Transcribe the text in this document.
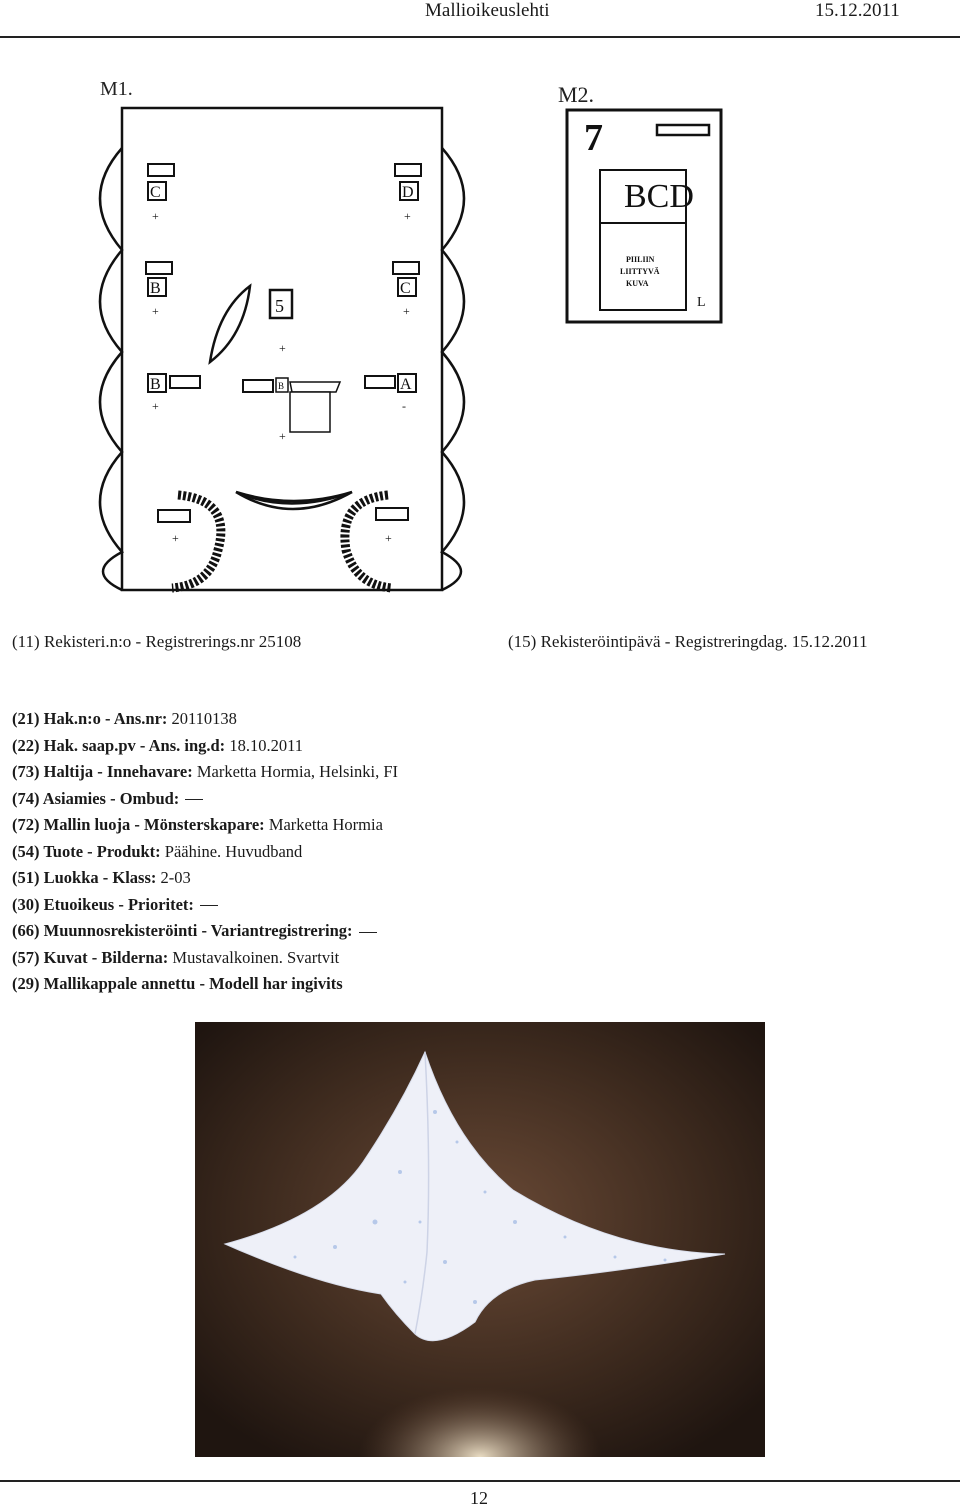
Mallioikeuslehti	15.12.2011
M1.
C
+
D
+
B
+
C
+
5
+
B
+
A
-
B
+
+	+
M2.
7
BCD
PIILIIN
LIITTYVÄ
KUVA
L
(11) Rekisteri.n:o - Registrerings.nr 25108	(15) Rekisteröintipävä - Registreringdag. 15.12.2011
(21) Hak.n:o - Ans.nr: 20110138
(22) Hak. saap.pv - Ans. ing.d: 18.10.2011
(73) Haltija - Innehavare: Marketta Hormia, Helsinki, FI
(74) Asiamies - Ombud:
(72) Mallin luoja - Mönsterskapare: Marketta Hormia
(54) Tuote - Produkt: Päähine. Huvudband
(51) Luokka - Klass: 2-03
(30) Etuoikeus - Prioritet:
(66) Muunnosrekisteröinti - Variantregistrering:
(57) Kuvat - Bilderna: Mustavalkoinen. Svartvit
(29) Mallikappale annettu - Modell har ingivits
12
